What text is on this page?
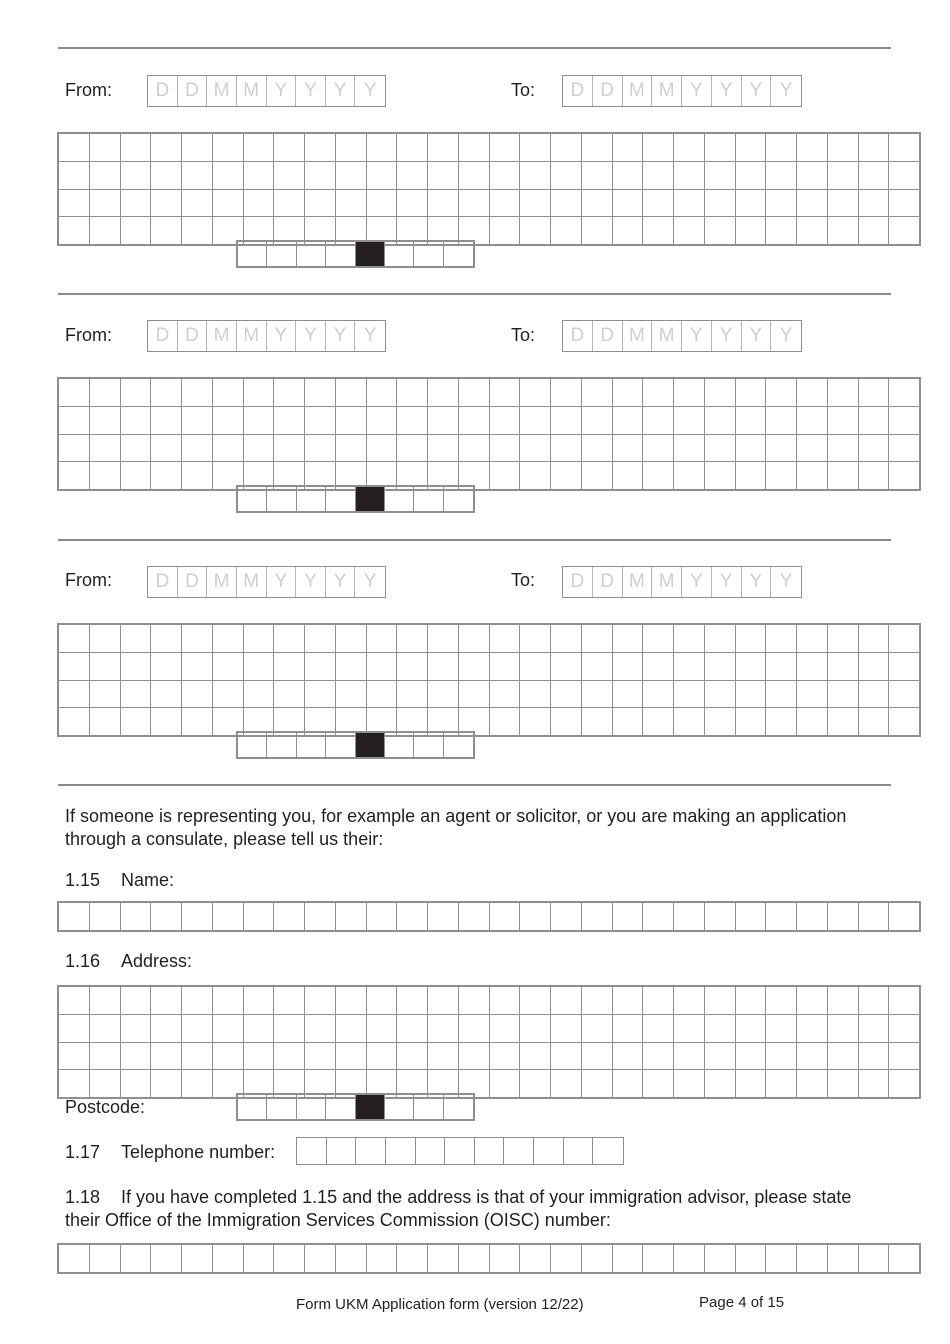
From:	D D M M Y Y Y Y	To:	D D M M Y Y Y Y

From:	D D M M Y Y Y Y	To:	D D M M Y Y Y Y

From:	D D M M Y Y Y Y	To:	D D M M Y Y Y Y

If someone is representing you, for example an agent or solicitor, or you are making an application through a consulate, please tell us their:
1.15 Name:

1.16 Address:

Postcode:
1.17 Telephone number:
1.18 If you have completed 1.15 and the address is that of your immigration advisor, please state their Office of the Immigration Services Commission (OISC) number:

Form UKM Application form (version 12/22)	Page 4 of 15
